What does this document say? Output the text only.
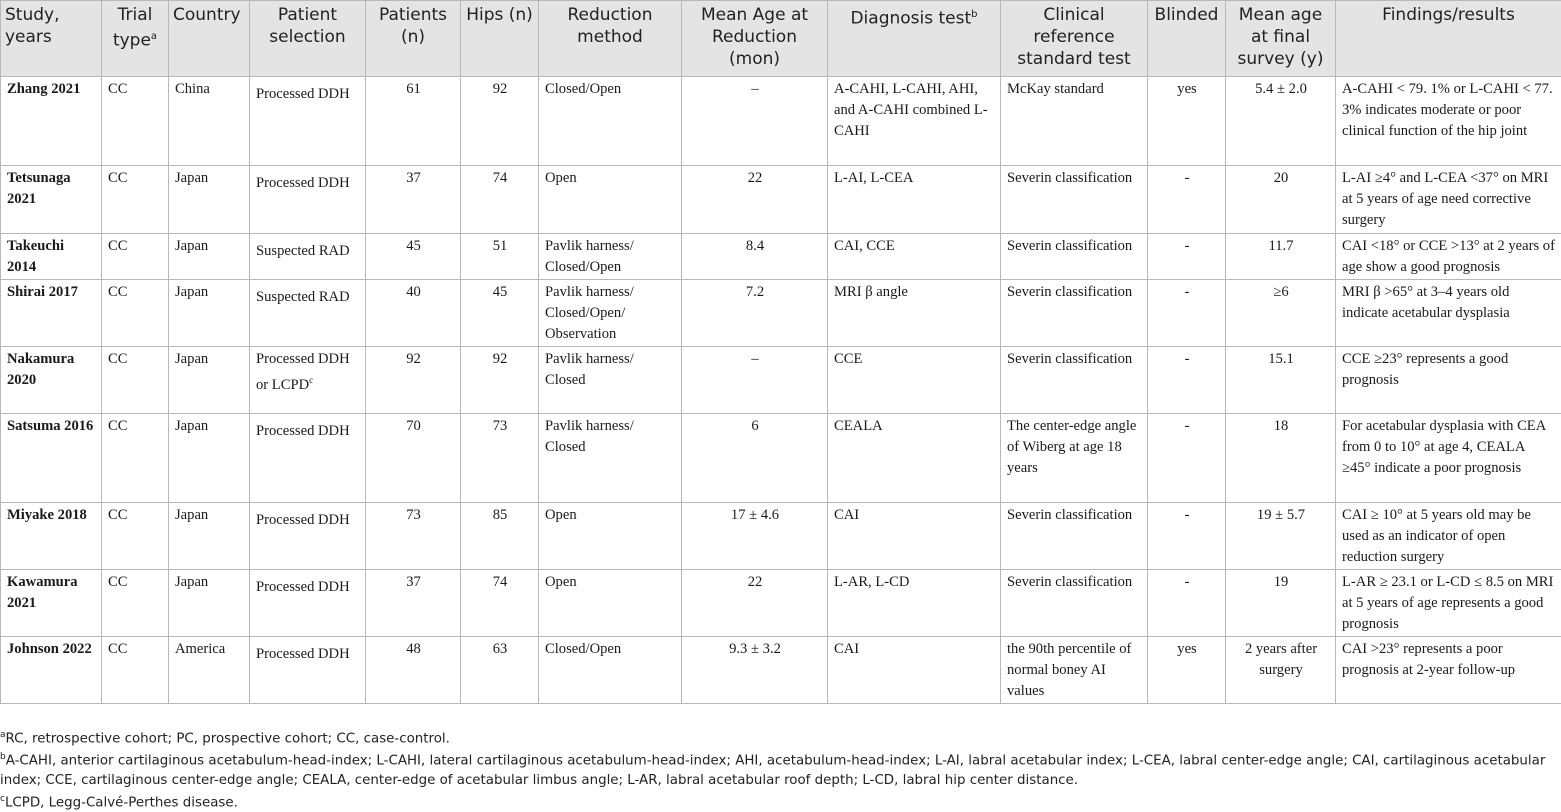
Study, years	Trial type$^a$	Country	Patient selection	Patients (n)	Hips (n)	Reduction method	Mean Age at Reduction (mon)	Diagnosis test$^b$	Clinical reference standard test	Blinded	Mean age at final survey (y)	Findings/results
Zhang 2021	CC	China	Processed DDH	61	92	Closed/Open	–	A-CAHI, L-CAHI, AHI, and A-CAHI combined L-CAHI	McKay standard	yes	5.4 ± 2.0	A-CAHI < 79. 1% or L-CAHI < 77. 3% indicates moderate or poor clinical function of the hip joint
Tetsunaga 2021	CC	Japan	Processed DDH	37	74	Open	22	L-AI, L-CEA	Severin classification	-	20	L-AI ≥4° and L-CEA <37° on MRI at 5 years of age need corrective surgery
Takeuchi 2014	CC	Japan	Suspected RAD	45	51	Pavlik harness/ Closed/Open	8.4	CAI, CCE	Severin classification	-	11.7	CAI <18° or CCE >13° at 2 years of age show a good prognosis
Shirai 2017	CC	Japan	Suspected RAD	40	45	Pavlik harness/ Closed/Open/ Observation	7.2	MRI β angle	Severin classification	-	≥6	MRI β >65° at 3–4 years old indicate acetabular dysplasia
Nakamura 2020	CC	Japan	Processed DDH or LCPD$^c$	92	92	Pavlik harness/ Closed	–	CCE	Severin classification	-	15.1	CCE ≥23° represents a good prognosis
Satsuma 2016	CC	Japan	Processed DDH	70	73	Pavlik harness/ Closed	6	CEALA	The center-edge angle of Wiberg at age 18 years	-	18	For acetabular dysplasia with CEA from 0 to 10° at age 4, CEALA ≥45° indicate a poor prognosis
Miyake 2018	CC	Japan	Processed DDH	73	85	Open	17 ± 4.6	CAI	Severin classification	-	19 ± 5.7	CAI ≥ 10° at 5 years old may be used as an indicator of open reduction surgery
Kawamura 2021	CC	Japan	Processed DDH	37	74	Open	22	L-AR, L-CD	Severin classification	-	19	L-AR ≥ 23.1 or L-CD ≤ 8.5 on MRI at 5 years of age represents a good prognosis
Johnson 2022	CC	America	Processed DDH	48	63	Closed/Open	9.3 ± 3.2	CAI	the 90th percentile of normal boney AI values	yes	2 years after surgery	CAI >23° represents a poor prognosis at 2-year follow-up

$^a$RC, retrospective cohort; PC, prospective cohort; CC, case-control.

$^b$A-CAHI, anterior cartilaginous acetabulum-head-index; L-CAHI, lateral cartilaginous acetabulum-head-index; AHI, acetabulum-head-index; L-AI, labral acetabular index; L-CEA, labral center-edge angle; CAI, cartilaginous acetabular index; CCE, cartilaginous center-edge angle; CEALA, center-edge of acetabular limbus angle; L-AR, labral acetabular roof depth; L-CD, labral hip center distance.

$^c$LCPD, Legg-Calvé-Perthes disease.
